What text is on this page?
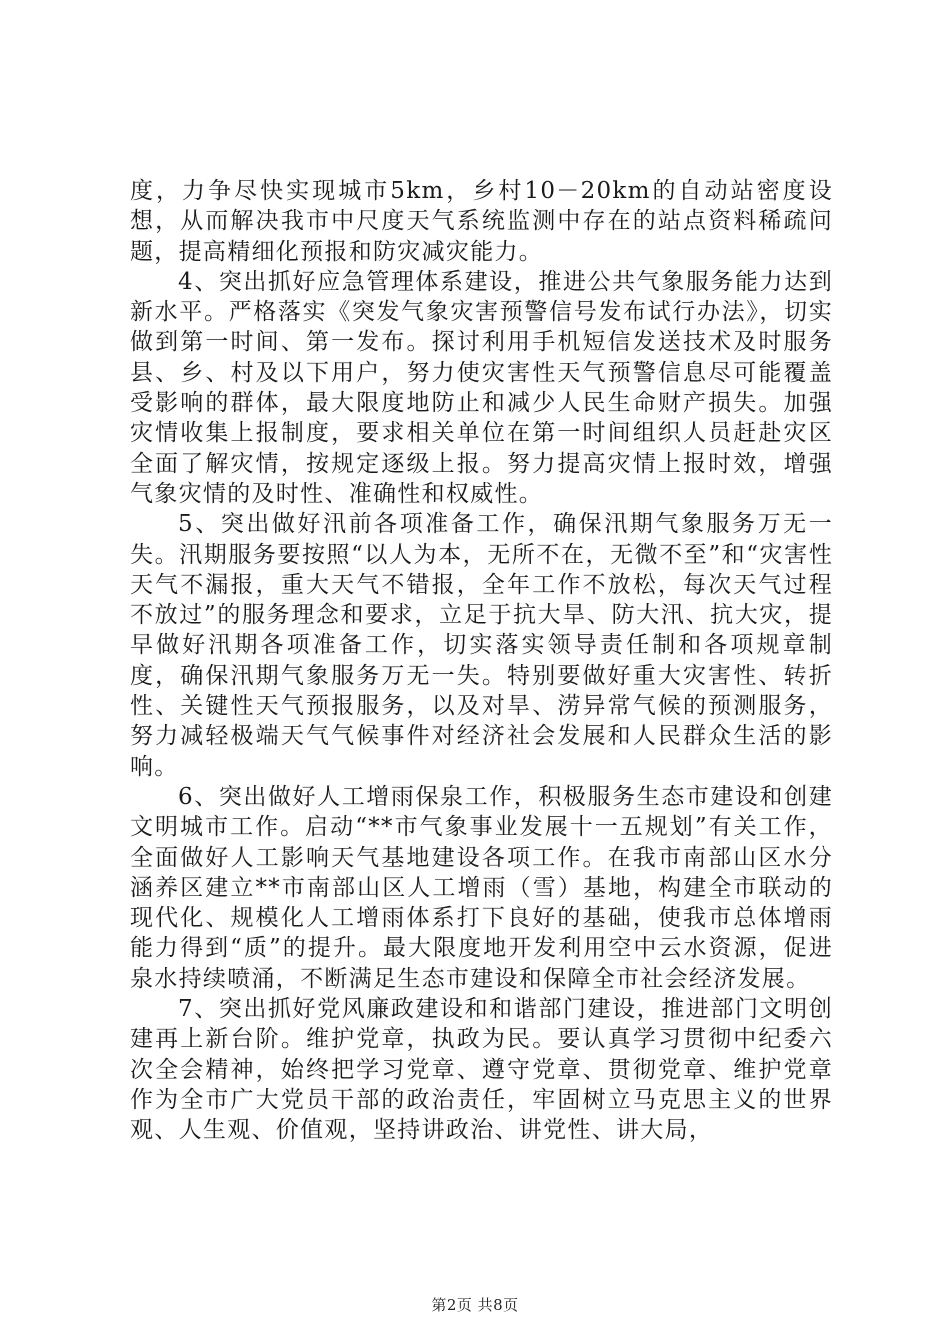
度，力争尽快实现城市5km，乡村10－20km的自动站密度设想，从而解决我市中尺度天气系统监测中存在的站点资料稀疏问题，提高精细化预报和防灾减灾能力。

4、突出抓好应急管理体系建设，推进公共气象服务能力达到新水平。严格落实《突发气象灾害预警信号发布试行办法》，切实做到第一时间、第一发布。探讨利用手机短信发送技术及时服务县、乡、村及以下用户，努力使灾害性天气预警信息尽可能覆盖受影响的群体，最大限度地防止和减少人民生命财产损失。加强灾情收集上报制度，要求相关单位在第一时间组织人员赶赴灾区全面了解灾情，按规定逐级上报。努力提高灾情上报时效，增强气象灾情的及时性、准确性和权威性。

5、突出做好汛前各项准备工作，确保汛期气象服务万无一失。汛期服务要按照“以人为本，无所不在，无微不至”和“灾害性天气不漏报，重大天气不错报，全年工作不放松，每次天气过程不放过”的服务理念和要求，立足于抗大旱、防大汛、抗大灾，提早做好汛期各项准备工作，切实落实领导责任制和各项规章制度，确保汛期气象服务万无一失。特别要做好重大灾害性、转折性、关键性天气预报服务，以及对旱、涝异常气候的预测服务，努力减轻极端天气气候事件对经济社会发展和人民群众生活的影响。

6、突出做好人工增雨保泉工作，积极服务生态市建设和创建文明城市工作。启动“**市气象事业发展十一五规划”有关工作，全面做好人工影响天气基地建设各项工作。在我市南部山区水分涵养区建立**市南部山区人工增雨（雪）基地，构建全市联动的现代化、规模化人工增雨体系打下良好的基础，使我市总体增雨能力得到“质”的提升。最大限度地开发利用空中云水资源，促进泉水持续喷涌，不断满足生态市建设和保障全市社会经济发展。

7、突出抓好党风廉政建设和和谐部门建设，推进部门文明创建再上新台阶。维护党章，执政为民。要认真学习贯彻中纪委六次全会精神，始终把学习党章、遵守党章、贯彻党章、维护党章作为全市广大党员干部的政治责任，牢固树立马克思主义的世界观、人生观、价值观，坚持讲政治、讲党性、讲大局，

第2页 共8页
